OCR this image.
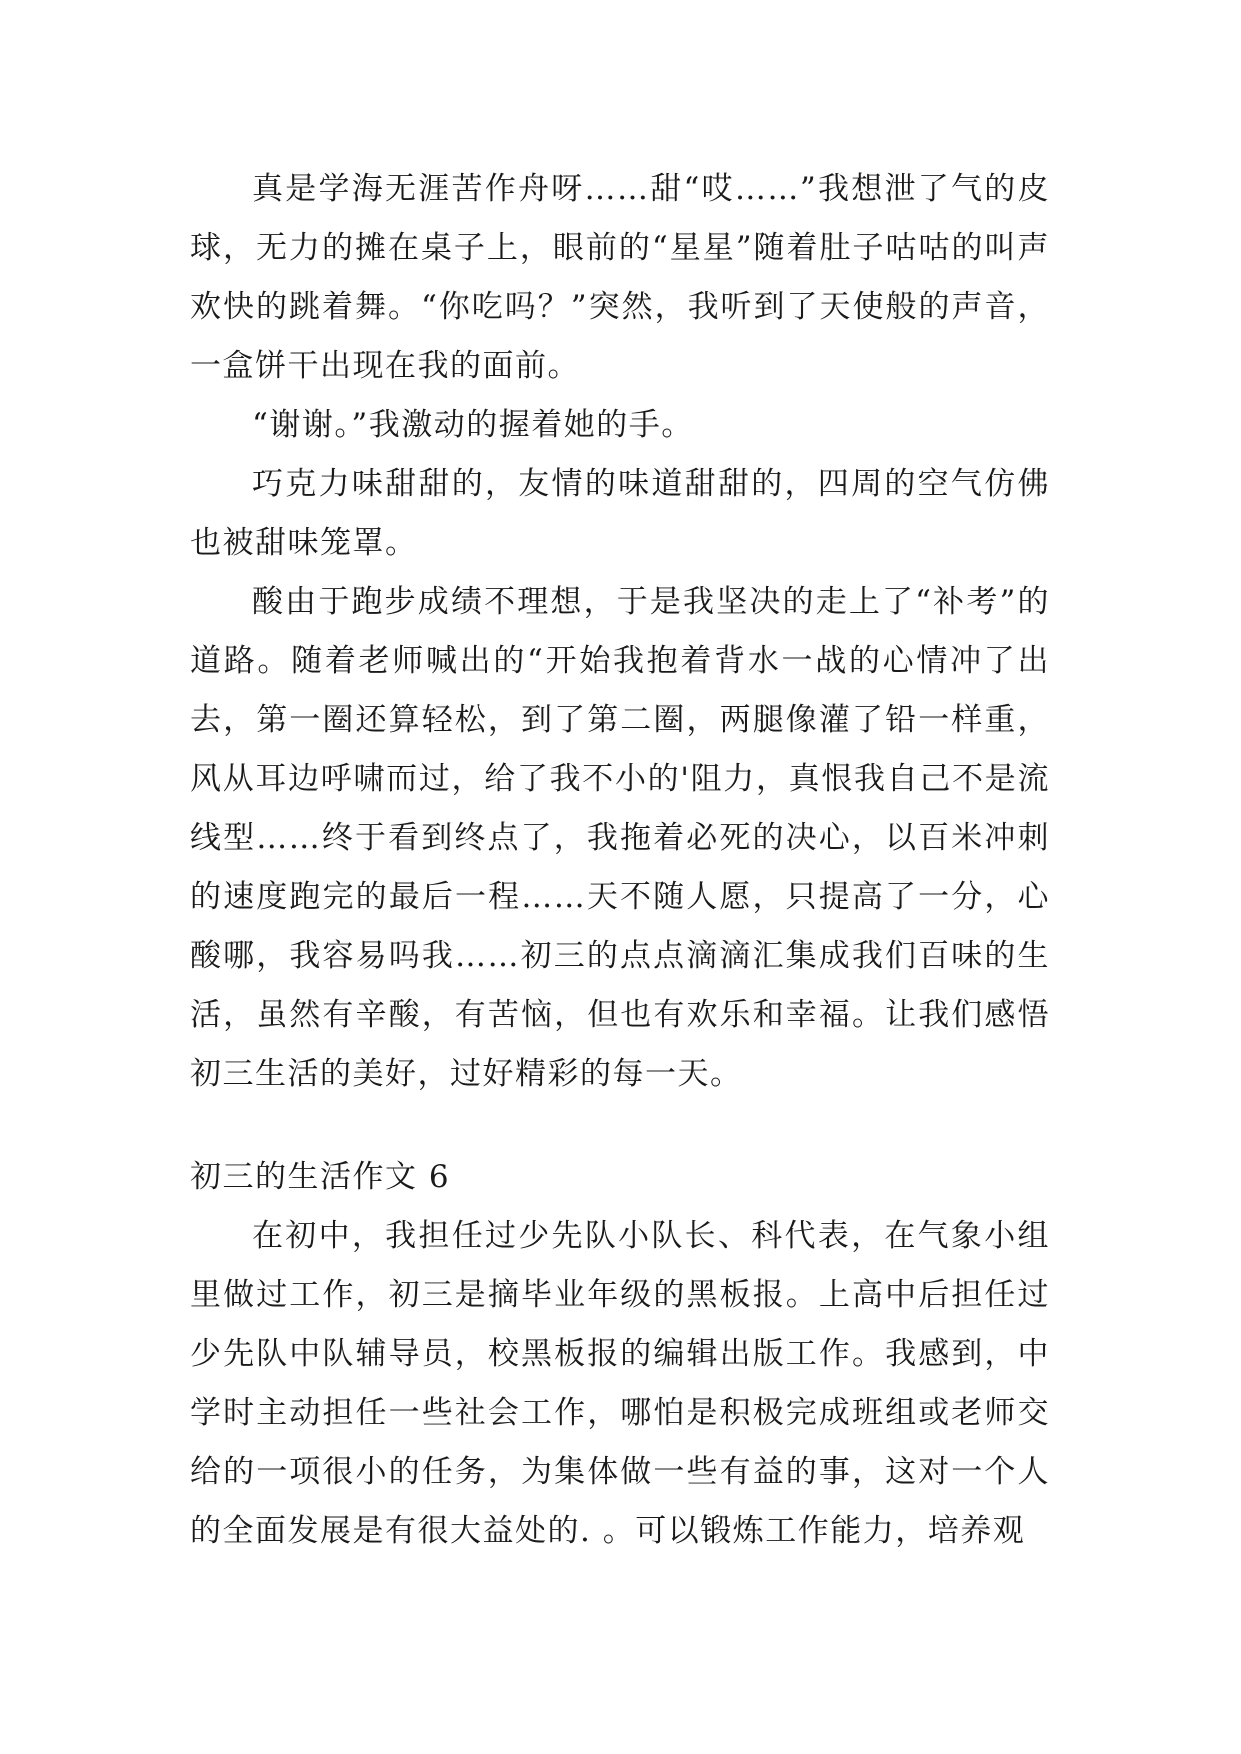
真是学海无涯苦作舟呀……甜“哎……”我想泄了气的皮球，无力的摊在桌子上，眼前的“星星”随着肚子咕咕的叫声欢快的跳着舞。“你吃吗？”突然，我听到了天使般的声音，一盒饼干出现在我的面前。

“谢谢。”我激动的握着她的手。

巧克力味甜甜的，友情的味道甜甜的，四周的空气仿佛也被甜味笼罩。

酸由于跑步成绩不理想，于是我坚决的走上了“补考”的道路。随着老师喊出的“开始我抱着背水一战的心情冲了出去，第一圈还算轻松，到了第二圈，两腿像灌了铅一样重，风从耳边呼啸而过，给了我不小的'阻力，真恨我自己不是流线型……终于看到终点了，我拖着必死的决心，以百米冲刺的速度跑完的最后一程……天不随人愿，只提高了一分，心酸哪，我容易吗我……初三的点点滴滴汇集成我们百味的生活，虽然有辛酸，有苦恼，但也有欢乐和幸福。让我们感悟初三生活的美好，过好精彩的每一天。

初三的生活作文 6

在初中，我担任过少先队小队长、科代表，在气象小组里做过工作，初三是摘毕业年级的黑板报。上高中后担任过少先队中队辅导员，校黑板报的编辑出版工作。我感到，中学时主动担任一些社会工作，哪怕是积极完成班组或老师交给的一项很小的任务，为集体做一些有益的事，这对一个人的全面发展是有很大益处的. 。可以锻炼工作能力，培养观
